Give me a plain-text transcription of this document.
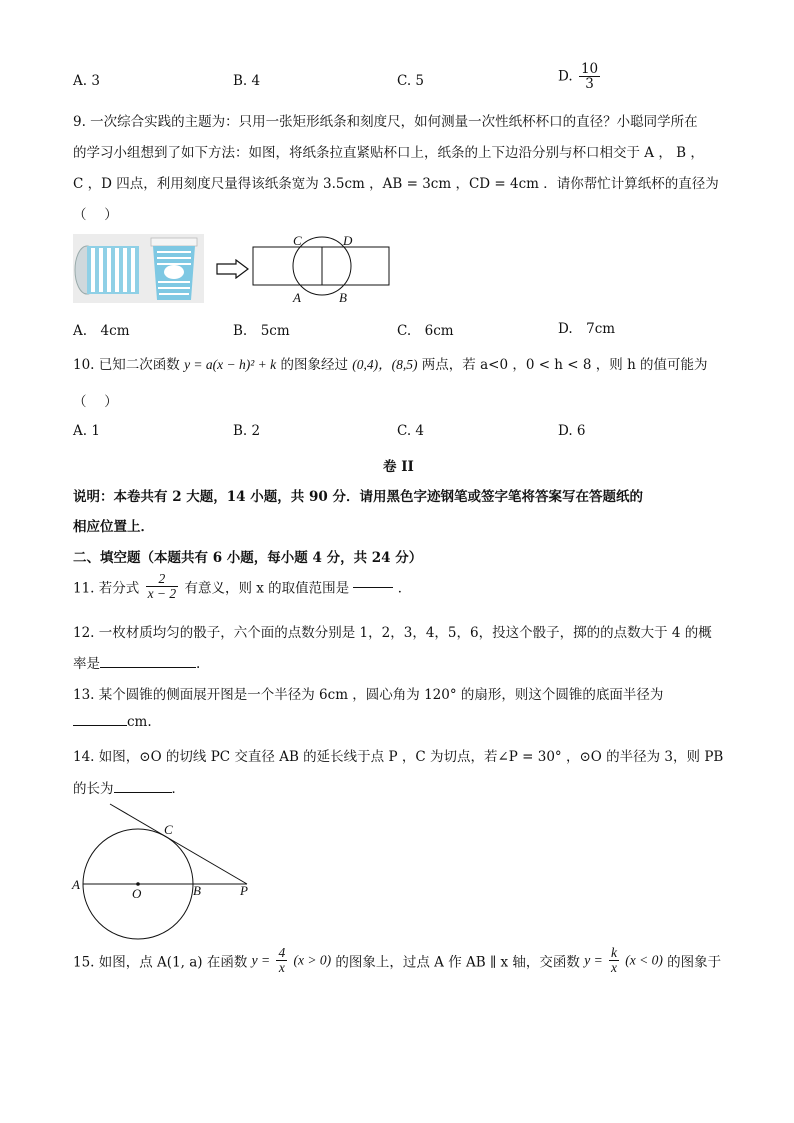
A. 3	B. 4	C. 5	D. $\frac{10}{3}$
9. 一次综合实践的主题为：只用一张矩形纸条和刻度尺，如何测量一次性纸杯杯口的直径？小聪同学所在
的学习小组想到了如下方法：如图，将纸条拉直紧贴杯口上，纸条的上下边沿分别与杯口相交于 A ， B ，
C ，D 四点，利用刻度尺量得该纸条宽为 3.5cm ，AB = 3cm ，CD = 4cm ．请你帮忙计算纸杯的直径为
（　 ）
C	D
A	B
A.　4cm	B.　5cm	C.　6cm	D.　7cm
10. 已知二次函数 y = a(x − h)² + k 的图象经过 (0,4)，(8,5) 两点，若 a<0 ，0 < h < 8 ，则 h 的值可能为
（　 ）
A. 1	B. 2	C. 4	D. 6
卷 II
说明：本卷共有 2 大题，14 小题，共 90 分．请用黑色字迹钢笔或签字笔将答案写在答题纸的
相应位置上．
二、填空题（本题共有 6 小题，每小题 4 分，共 24 分）
11. 若分式 $\frac{2}{x - 2}$ 有意义，则 x 的取值范围是	．
12. 一枚材质均匀的骰子，六个面的点数分别是 1，2，3，4，5，6，投这个骰子，掷的的点数大于 4 的概
率是	.
13. 某个圆锥的侧面展开图是一个半径为 6cm ，圆心角为 120° 的扇形，则这个圆锥的底面半径为
cm.
14. 如图，⊙O 的切线 PC 交直径 AB 的延长线于点 P ，C 为切点，若∠P = 30° ，⊙O 的半径为 3，则 PB
的长为	．
A
O	B	P
C
15. 如图，点 A(1, a) 在函数 $y = \frac{4}{x} (x > 0)$ 的图象上，过点 A 作 AB ∥ x 轴，交函数 $y = \frac{k}{x} (x < 0)$ 的图象于
